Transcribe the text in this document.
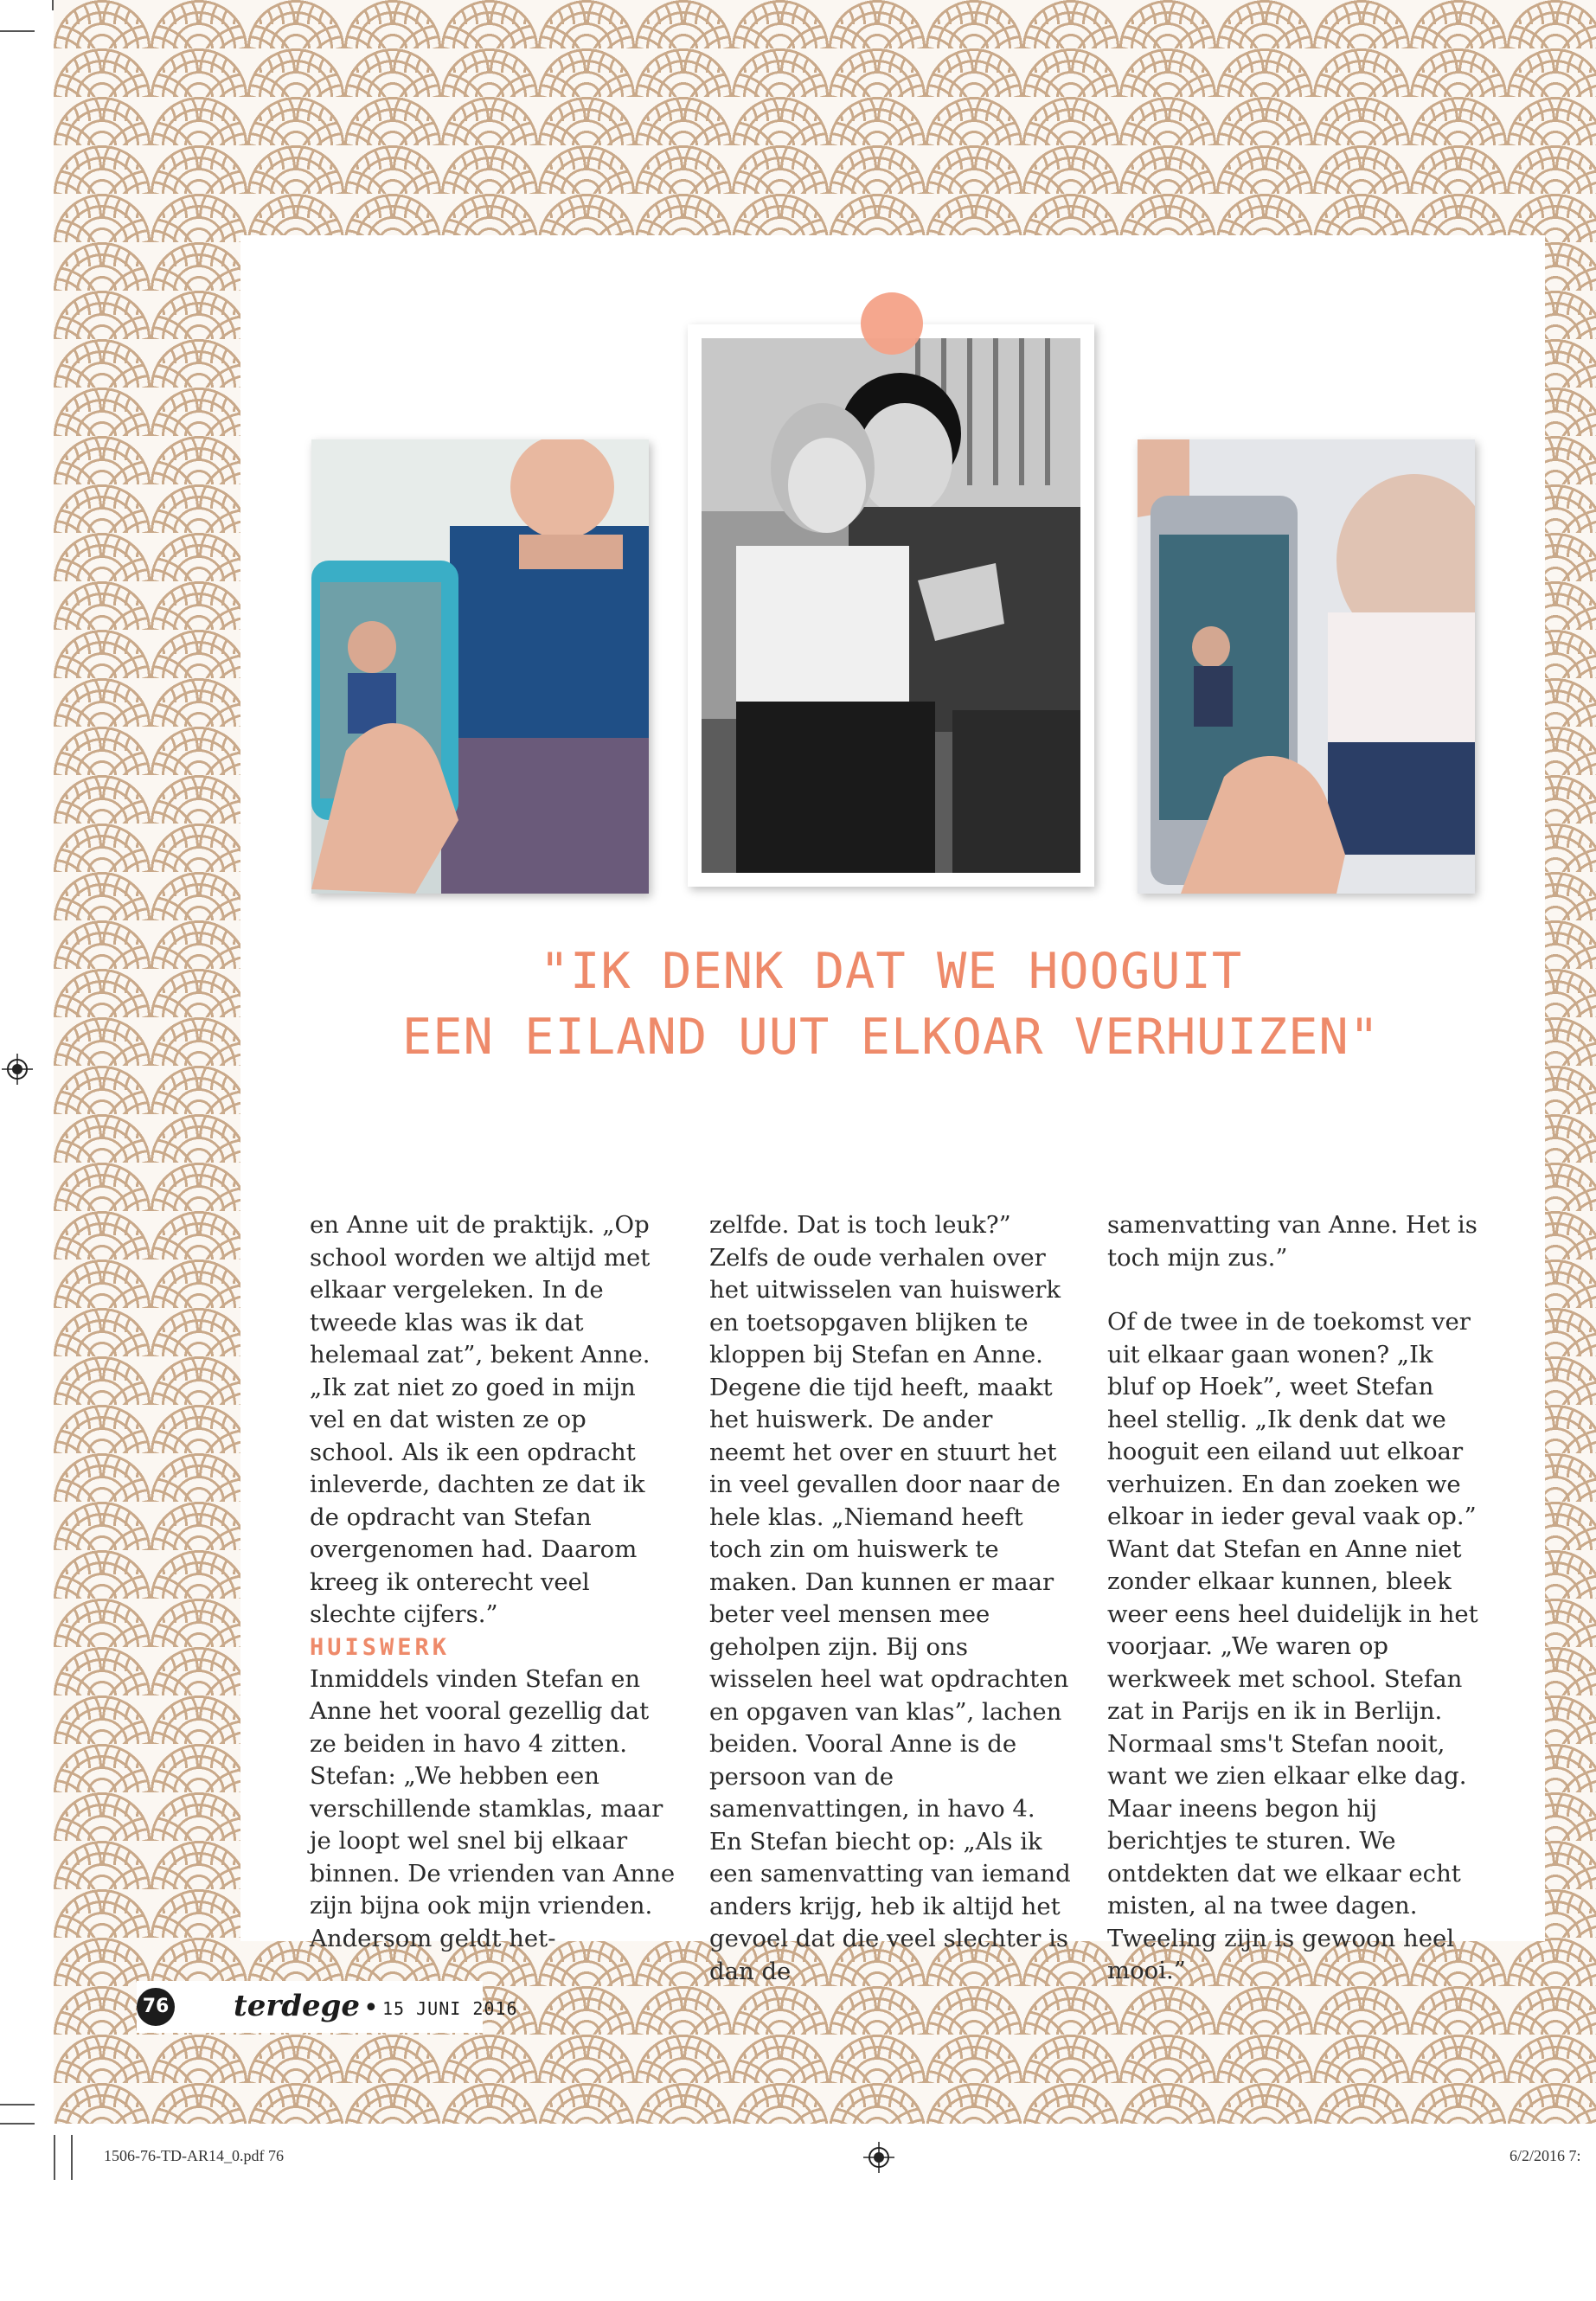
"IK DENK DAT WE HOOGUIT
EEN EILAND UUT ELKOAR VERHUIZEN"

en Anne uit de praktijk. „Op school worden we altijd met elkaar vergeleken. In de tweede klas was ik dat helemaal zat”, bekent Anne. „Ik zat niet zo goed in mijn vel en dat wisten ze op school. Als ik een opdracht inleverde, dachten ze dat ik de opdracht van Stefan overgenomen had. Daarom kreeg ik onterecht veel slechte cijfers.”

HUISWERK

Inmiddels vinden Stefan en Anne het vooral gezellig dat ze beiden in havo 4 zitten. Stefan: „We hebben een verschillende stamklas, maar je loopt wel snel bij elkaar binnen. De vrienden van Anne zijn bijna ook mijn vrienden. Andersom geldt het-

zelfde. Dat is toch leuk?”

Zelfs de oude verhalen over het uitwisselen van huiswerk en toetsopgaven blijken te kloppen bij Stefan en Anne. Degene die tijd heeft, maakt het huiswerk. De ander neemt het over en stuurt het in veel gevallen door naar de hele klas. „Niemand heeft toch zin om huiswerk te maken. Dan kunnen er maar beter veel mensen mee geholpen zijn. Bij ons wisselen heel wat opdrachten en opgaven van klas”, lachen beiden. Vooral Anne is de persoon van de samenvattingen, in havo 4. En Stefan biecht op: „Als ik een samenvatting van iemand anders krijg, heb ik altijd het gevoel dat die veel slechter is dan de

samenvatting van Anne. Het is toch mijn zus.”

Of de twee in de toekomst ver uit elkaar gaan wonen? „Ik bluf op Hoek”, weet Stefan heel stellig. „Ik denk dat we hooguit een eiland uut elkoar verhuizen. En dan zoeken we elkoar in ieder geval vaak op.” Want dat Stefan en Anne niet zonder elkaar kunnen, bleek weer eens heel duidelijk in het voorjaar. „We waren op werkweek met school. Stefan zat in Parijs en ik in Berlijn. Normaal sms't Stefan nooit, want we zien elkaar elke dag. Maar ineens begon hij berichtjes te sturen. We ontdekten dat we elkaar echt misten, al na twee dagen. Tweeling zijn is gewoon heel mooi.”

76 terdege • 15 JUNI 2016
1506-76-TD-AR14_0.pdf 76	6/2/2016 7:
